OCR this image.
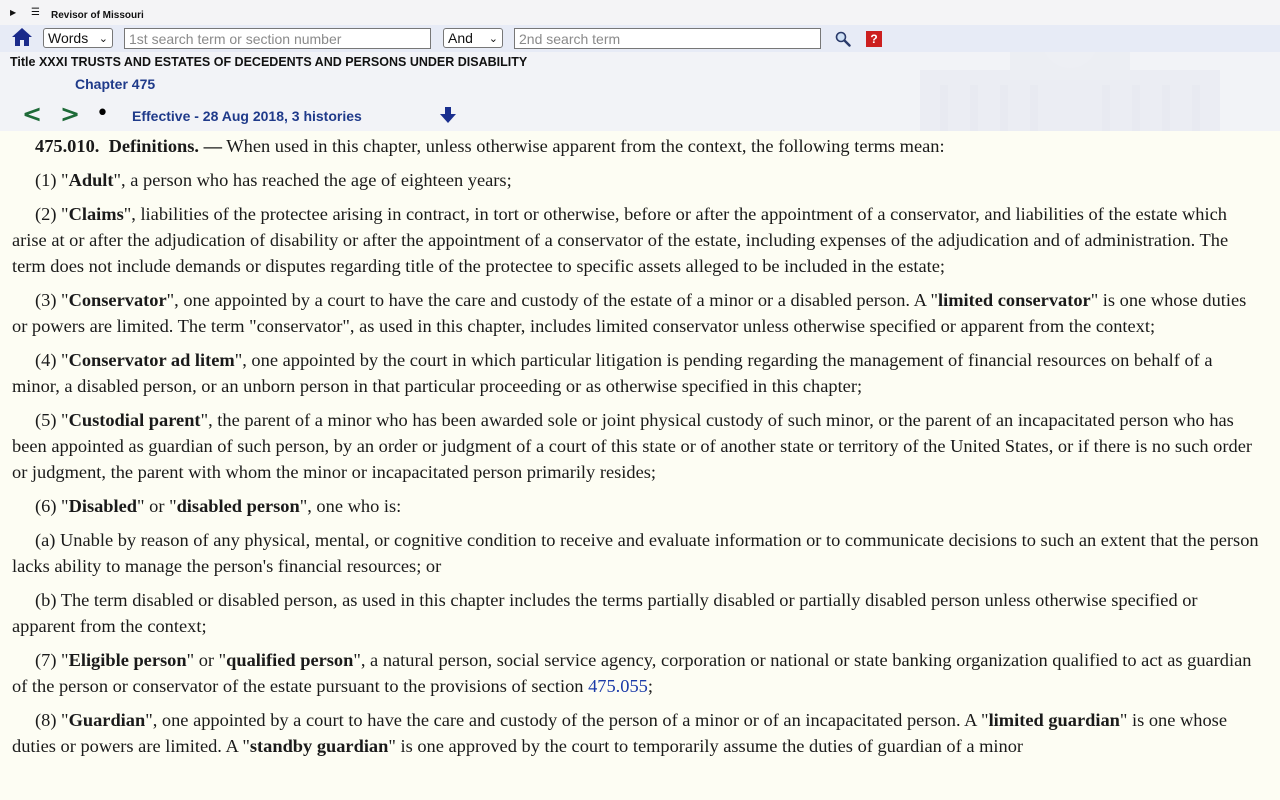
▶ ☰ Revisor of Missouri
Words ⌄
1st search term or section number	And ⌄
2nd search term	?
Title XXXI TRUSTS AND ESTATES OF DECEDENTS AND PERSONS UNDER DISABILITY
Chapter 475
< > • Effective - 28 Aug 2018, 3 histories

475.010. Definitions. — When used in this chapter, unless otherwise apparent from the context, the following terms mean:

(1) "Adult", a person who has reached the age of eighteen years;

(2) "Claims", liabilities of the protectee arising in contract, in tort or otherwise, before or after the appointment of a conservator, and liabilities of the estate which arise at or after the adjudication of disability or after the appointment of a conservator of the estate, including expenses of the adjudication and of administration. The term does not include demands or disputes regarding title of the protectee to specific assets alleged to be included in the estate;

(3) "Conservator", one appointed by a court to have the care and custody of the estate of a minor or a disabled person. A "limited conservator" is one whose duties or powers are limited. The term "conservator", as used in this chapter, includes limited conservator unless otherwise specified or apparent from the context;

(4) "Conservator ad litem", one appointed by the court in which particular litigation is pending regarding the management of financial resources on behalf of a minor, a disabled person, or an unborn person in that particular proceeding or as otherwise specified in this chapter;

(5) "Custodial parent", the parent of a minor who has been awarded sole or joint physical custody of such minor, or the parent of an incapacitated person who has been appointed as guardian of such person, by an order or judgment of a court of this state or of another state or territory of the United States, or if there is no such order or judgment, the parent with whom the minor or incapacitated person primarily resides;

(6) "Disabled" or "disabled person", one who is:

(a) Unable by reason of any physical, mental, or cognitive condition to receive and evaluate information or to communicate decisions to such an extent that the person lacks ability to manage the person's financial resources; or

(b) The term disabled or disabled person, as used in this chapter includes the terms partially disabled or partially disabled person unless otherwise specified or apparent from the context;

(7) "Eligible person" or "qualified person", a natural person, social service agency, corporation or national or state banking organization qualified to act as guardian of the person or conservator of the estate pursuant to the provisions of section 475.055;

(8) "Guardian", one appointed by a court to have the care and custody of the person of a minor or of an incapacitated person. A "limited guardian" is one whose duties or powers are limited. A "standby guardian" is one approved by the court to temporarily assume the duties of guardian of a minor
